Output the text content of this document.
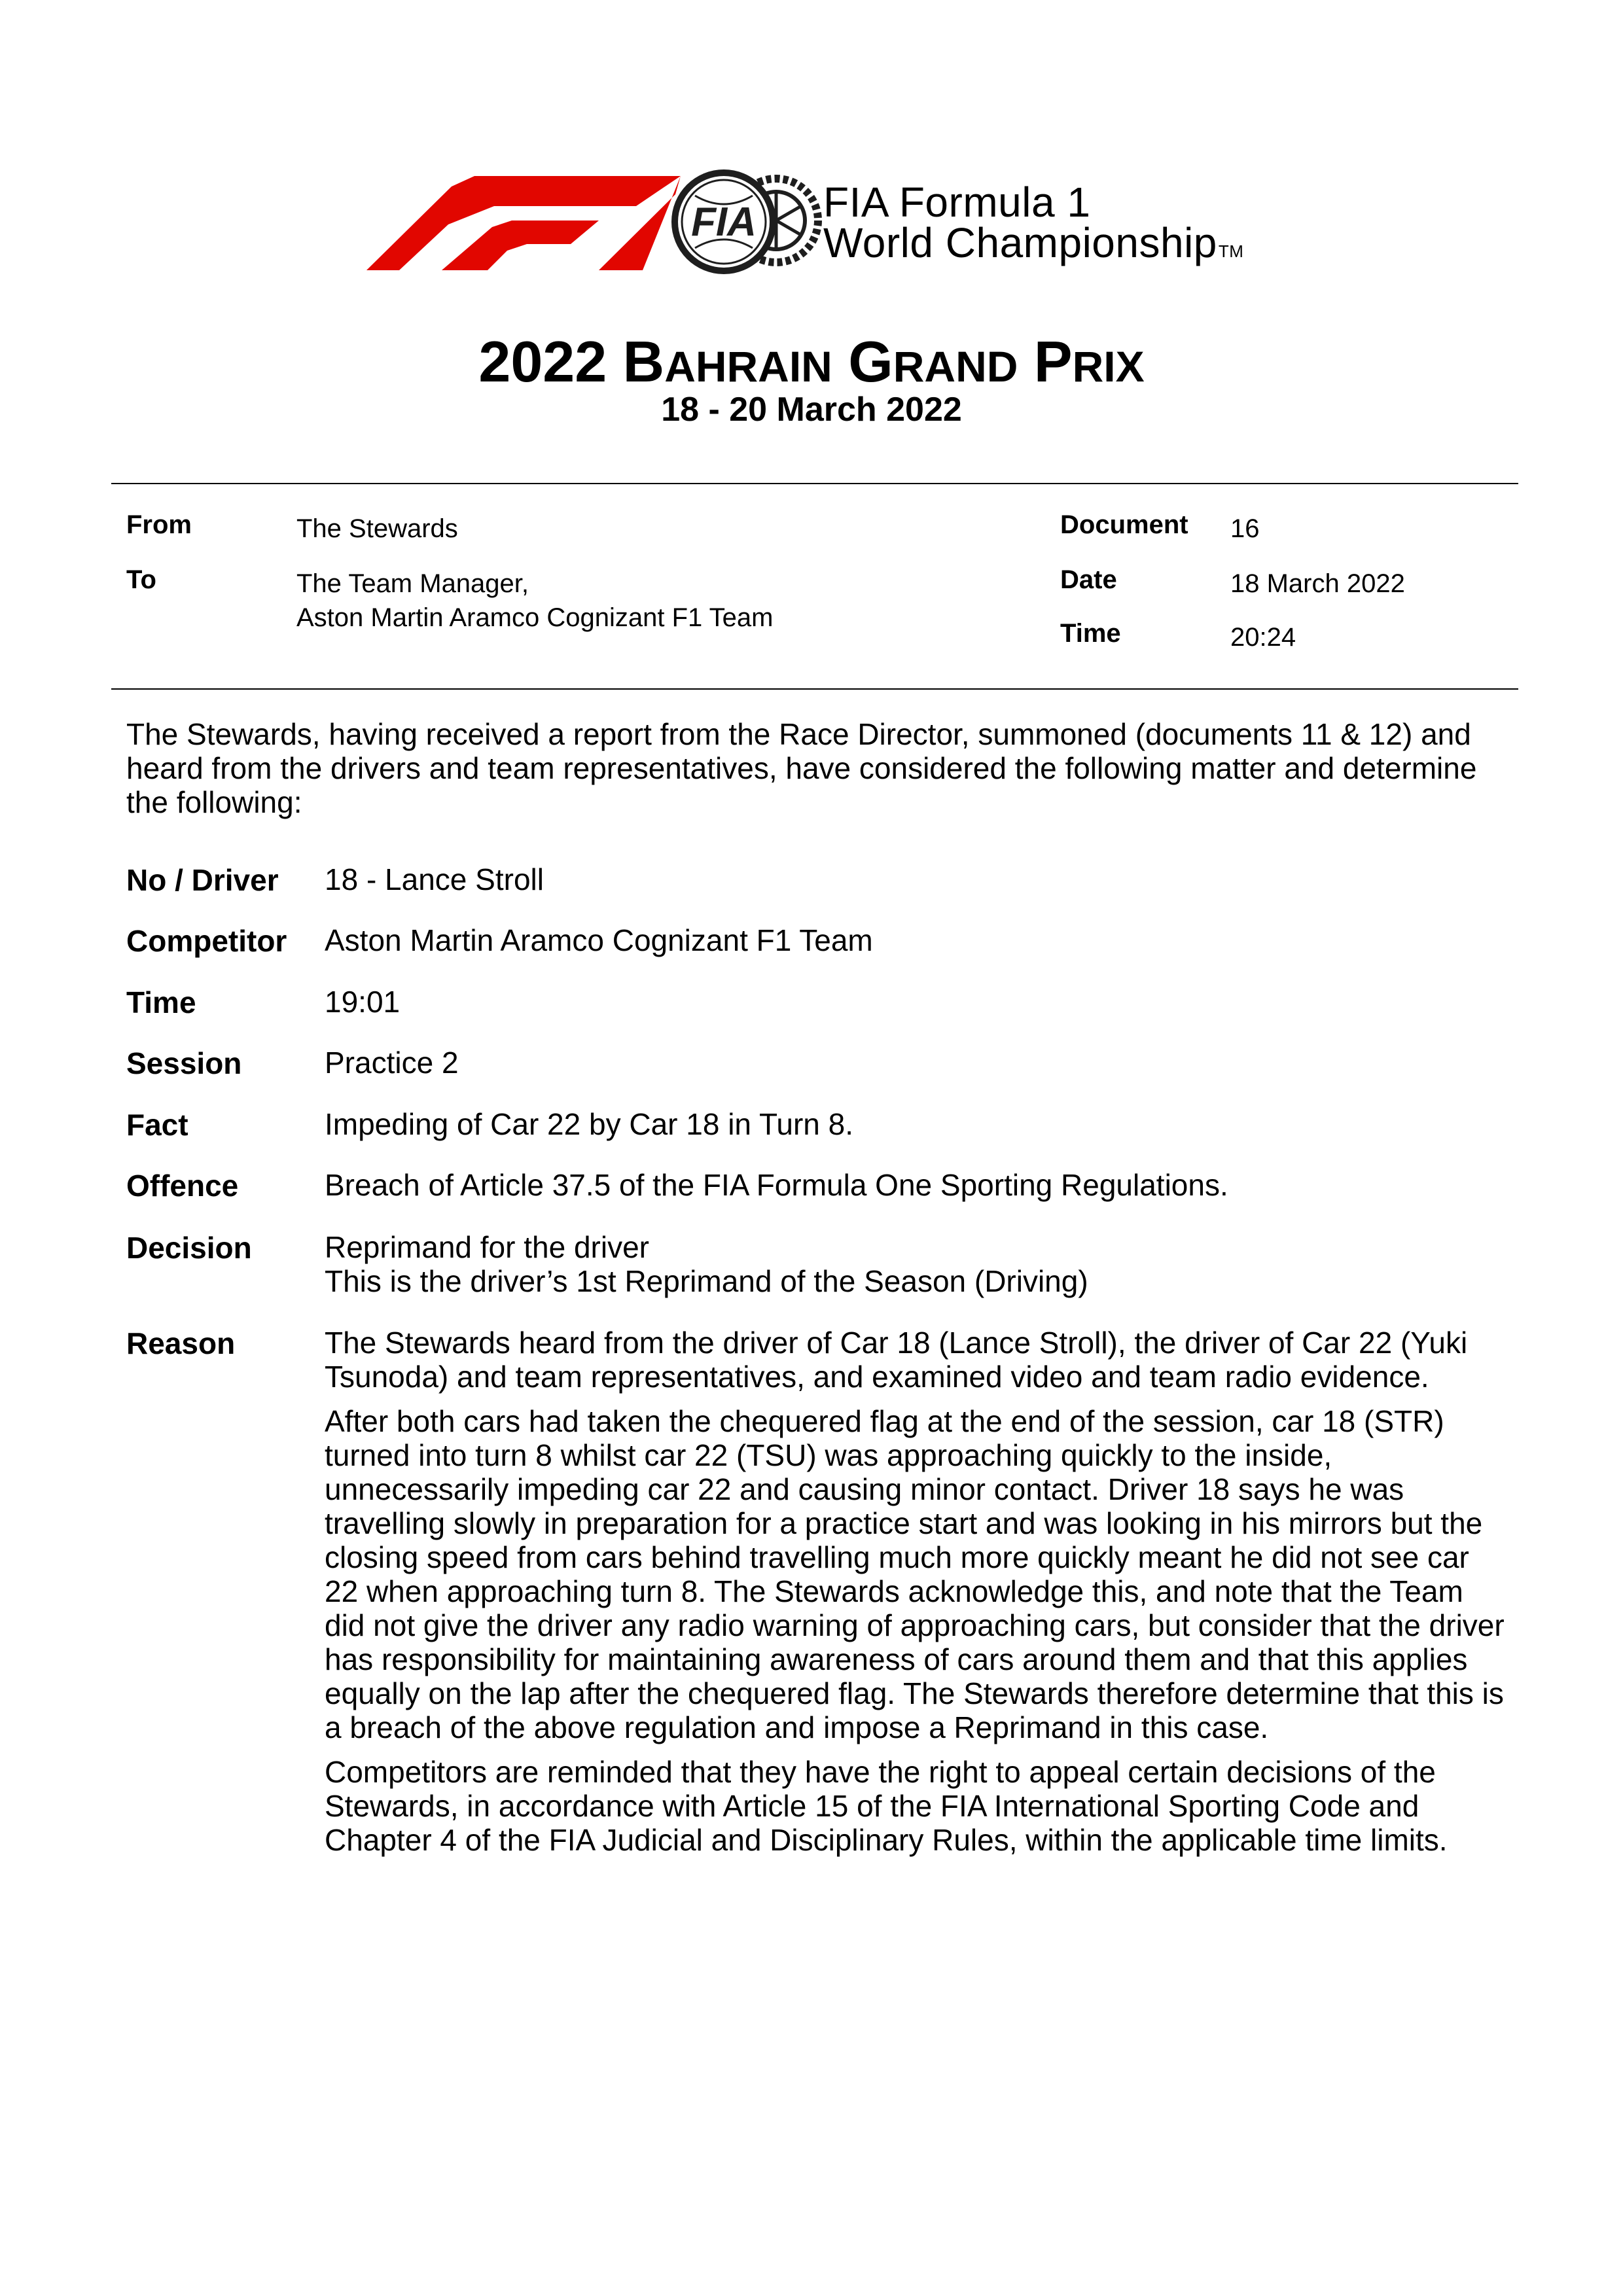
FIA FIA Formula 1
World ChampionshipTM
2022 BAHRAIN GRAND PRIX
18 - 20 March 2022
From	The Stewards
To	The Team Manager,
Aston Martin Aramco Cognizant F1 Team
Document 16
Date	18 March 2022
Time	20:24
The Stewards, having received a report from the Race Director, summoned (documents 11 & 12) and heard from the drivers and team representatives, have considered the following matter and determine the following:
No / Driver 18 - Lance Stroll
Competitor Aston Martin Aramco Cognizant F1 Team
Time	19:01
Session	Practice 2
Fact	Impeding of Car 22 by Car 18 in Turn 8.
Offence	Breach of Article 37.5 of the FIA Formula One Sporting Regulations.
Decision Reprimand for the driver

This is the driver’s 1st Reprimand of the Season (Driving)

Reason	The Stewards heard from the driver of Car 18 (Lance Stroll), the driver of Car 22 (Yuki Tsunoda) and team representatives, and examined video and team radio evidence.

After both cars had taken the chequered flag at the end of the session, car 18 (STR) turned into turn 8 whilst car 22 (TSU) was approaching quickly to the inside, unnecessarily impeding car 22 and causing minor contact. Driver 18 says he was travelling slowly in preparation for a practice start and was looking in his mirrors but the closing speed from cars behind travelling much more quickly meant he did not see car 22 when approaching turn 8. The Stewards acknowledge this, and note that the Team did not give the driver any radio warning of approaching cars, but consider that the driver has responsibility for maintaining awareness of cars around them and that this applies equally on the lap after the chequered flag. The Stewards therefore determine that this is a breach of the above regulation and impose a Reprimand in this case.

Competitors are reminded that they have the right to appeal certain decisions of the Stewards, in accordance with Article 15 of the FIA International Sporting Code and Chapter 4 of the FIA Judicial and Disciplinary Rules, within the applicable time limits.
